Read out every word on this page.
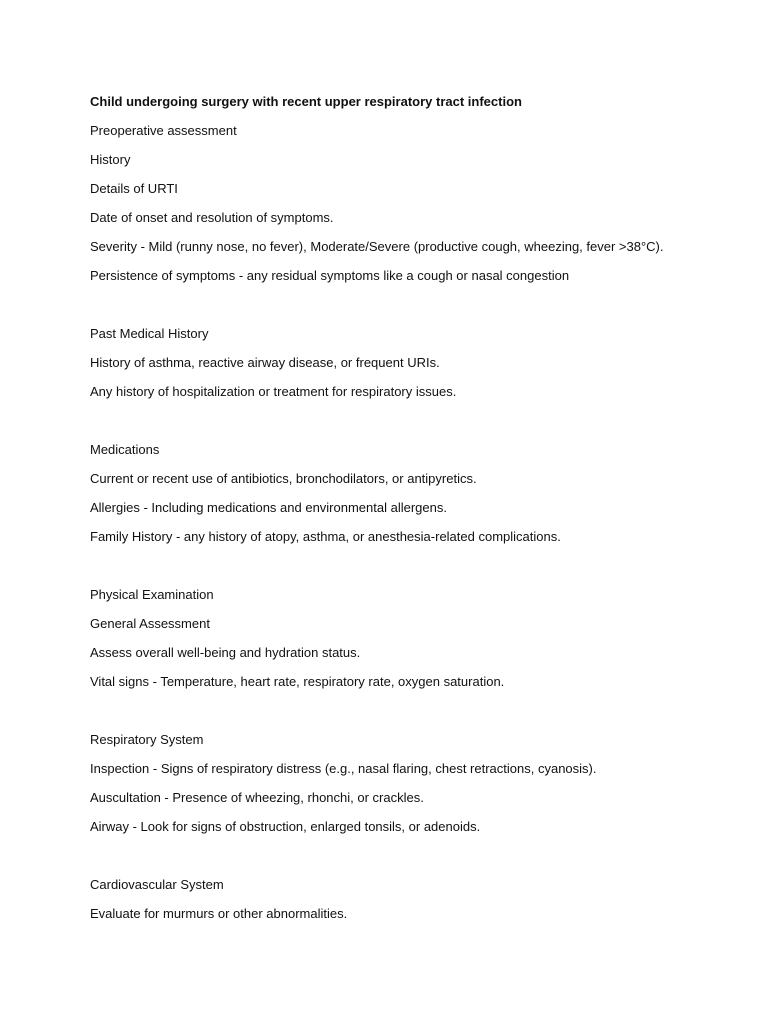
Child undergoing surgery with recent upper respiratory tract infection
Preoperative assessment
History
Details of URTI
Date of onset and resolution of symptoms.
Severity - Mild (runny nose, no fever), Moderate/Severe (productive cough, wheezing, fever >38°C).
Persistence of symptoms - any residual symptoms like a cough or nasal congestion
Past Medical History
History of asthma, reactive airway disease, or frequent URIs.
Any history of hospitalization or treatment for respiratory issues.
Medications
Current or recent use of antibiotics, bronchodilators, or antipyretics.
Allergies - Including medications and environmental allergens.
Family History - any history of atopy, asthma, or anesthesia-related complications.
Physical Examination
General Assessment
Assess overall well-being and hydration status.
Vital signs - Temperature, heart rate, respiratory rate, oxygen saturation.
Respiratory System
Inspection - Signs of respiratory distress (e.g., nasal flaring, chest retractions, cyanosis).
Auscultation - Presence of wheezing, rhonchi, or crackles.
Airway - Look for signs of obstruction, enlarged tonsils, or adenoids.
Cardiovascular System
Evaluate for murmurs or other abnormalities.
